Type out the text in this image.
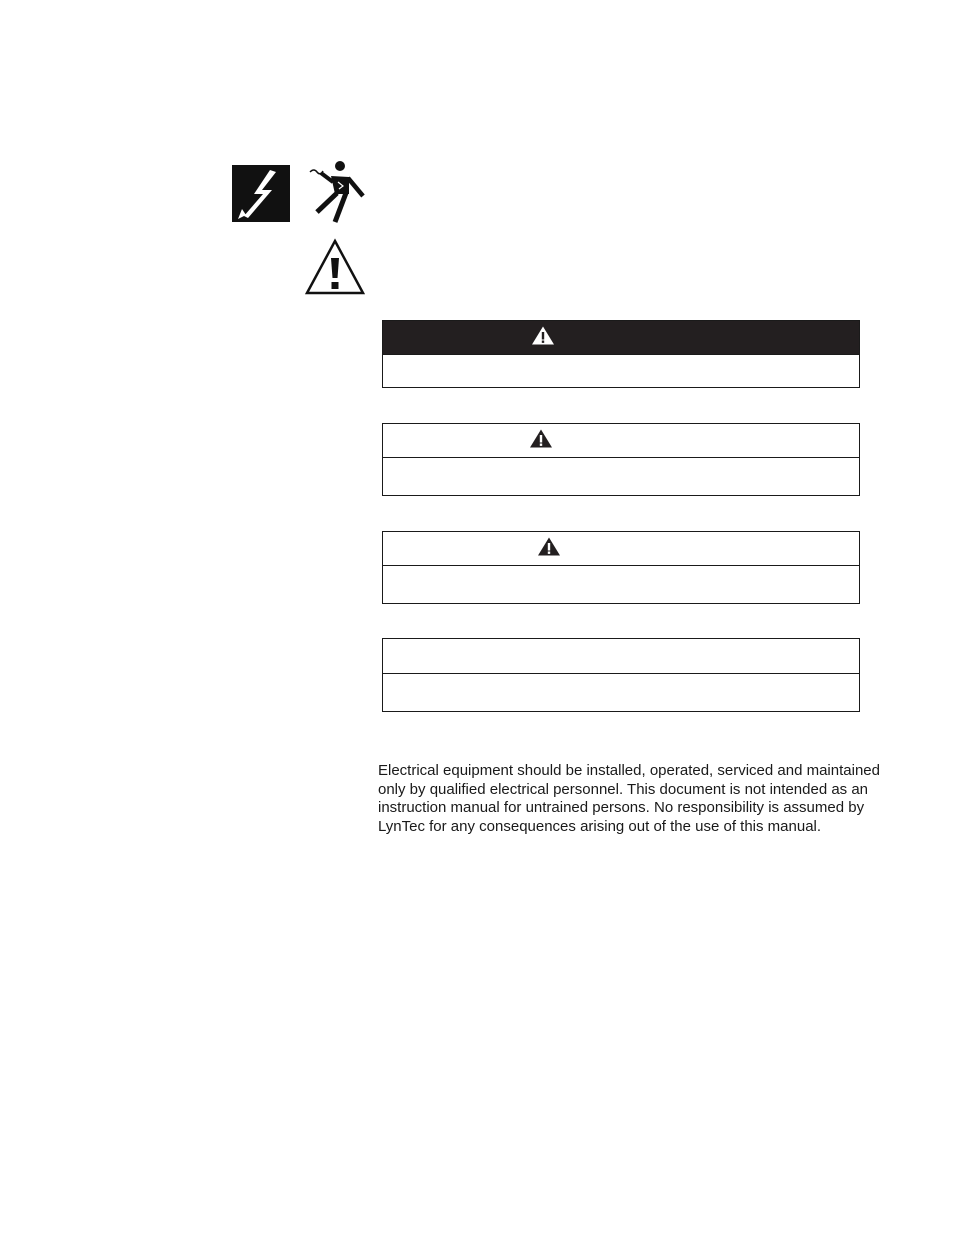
Electrical equipment should be installed, operated, serviced and maintained only by qualified electrical personnel. This document is not intended as an instruction manual for untrained persons. No responsibility is assumed by LynTec for any consequences arising out of the use of this manual.
